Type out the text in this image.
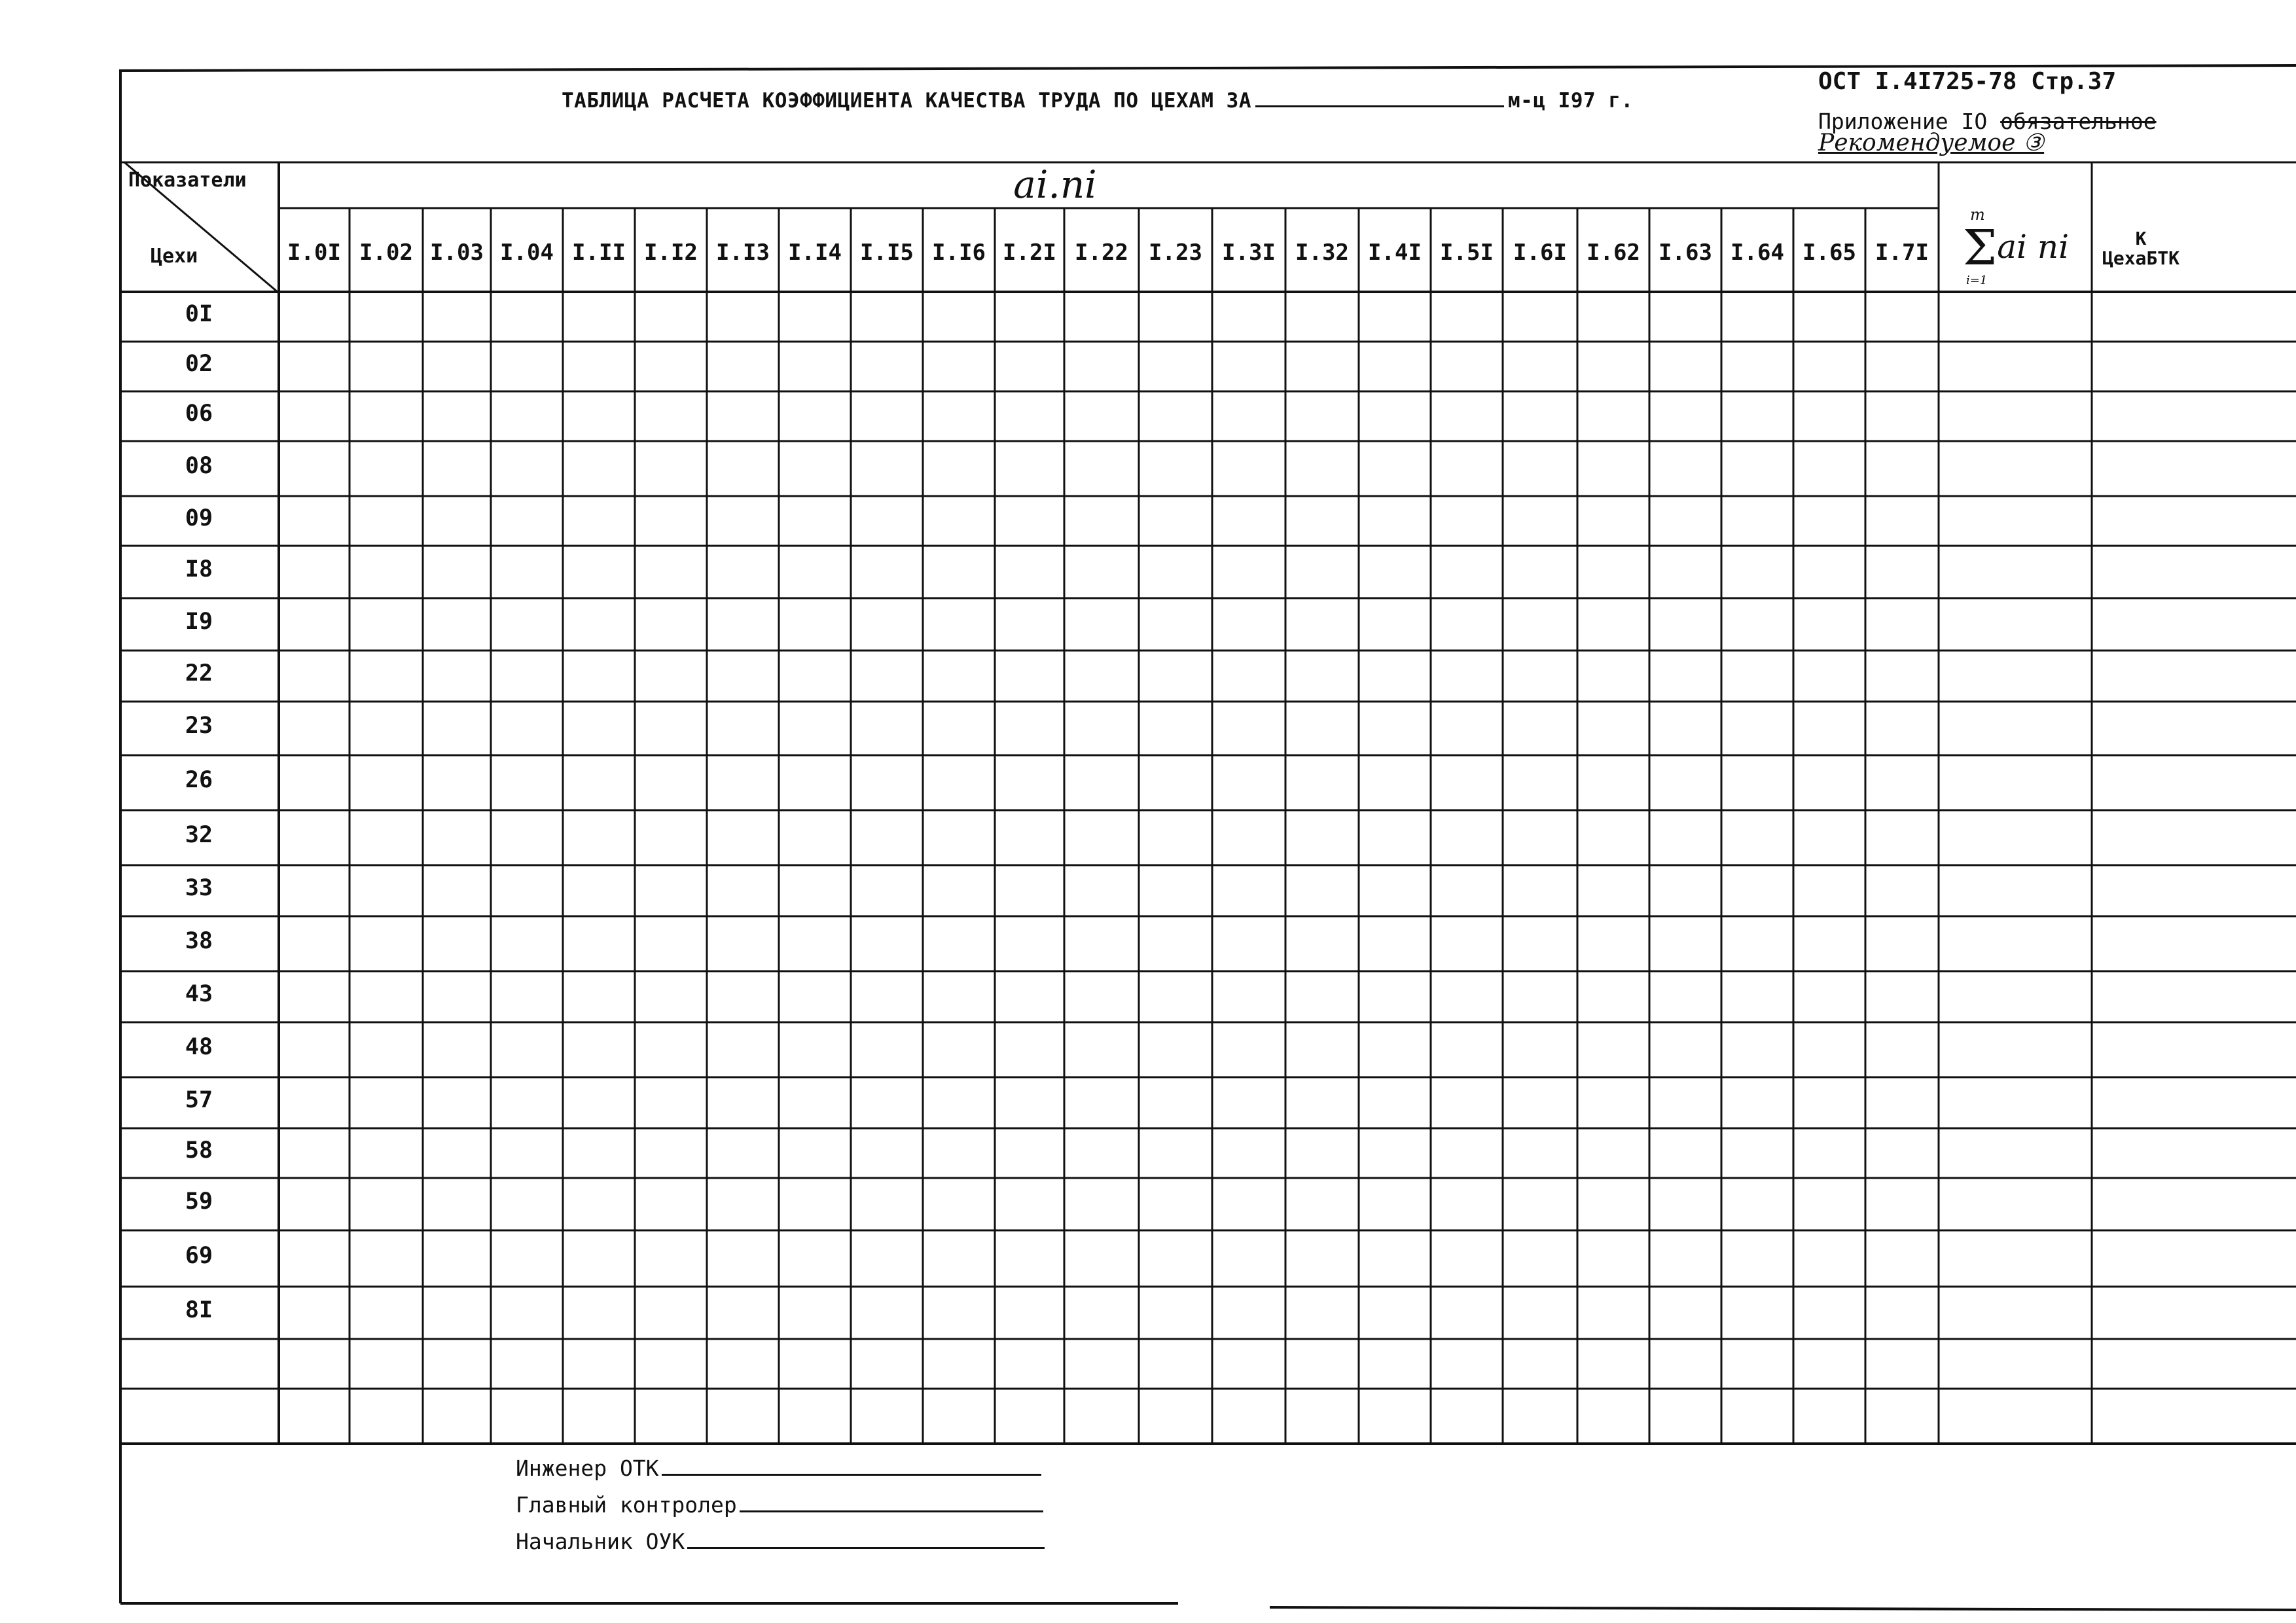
ТАБЛИЦА РАСЧЕТА КОЭФФИЦИЕНТА КАЧЕСТВА ТРУДА ПО ЦЕХАМ ЗА	м-ц I97 г.
ОСТ I.4I725-78 Стр.37
Приложение IO обязательное
Рекомендуемое ③
Показатели
Цехи
ai.ni
m
Σai ni
i=1
К
ЦехаБТК
I.0I I.02 I.03 I.04 I.II I.I2 I.I3 I.I4 I.I5 I.I6 I.2I I.22 I.23 I.3I I.32 I.4I I.5I I.6I I.62 I.63 I.64 I.65 I.7I
0I
02
06
08
09
I8
I9
22
23
26
32
33
38
43
48
57
58
59
69
8I
Инженер ОТК
Главный контролер
Начальник ОУК
